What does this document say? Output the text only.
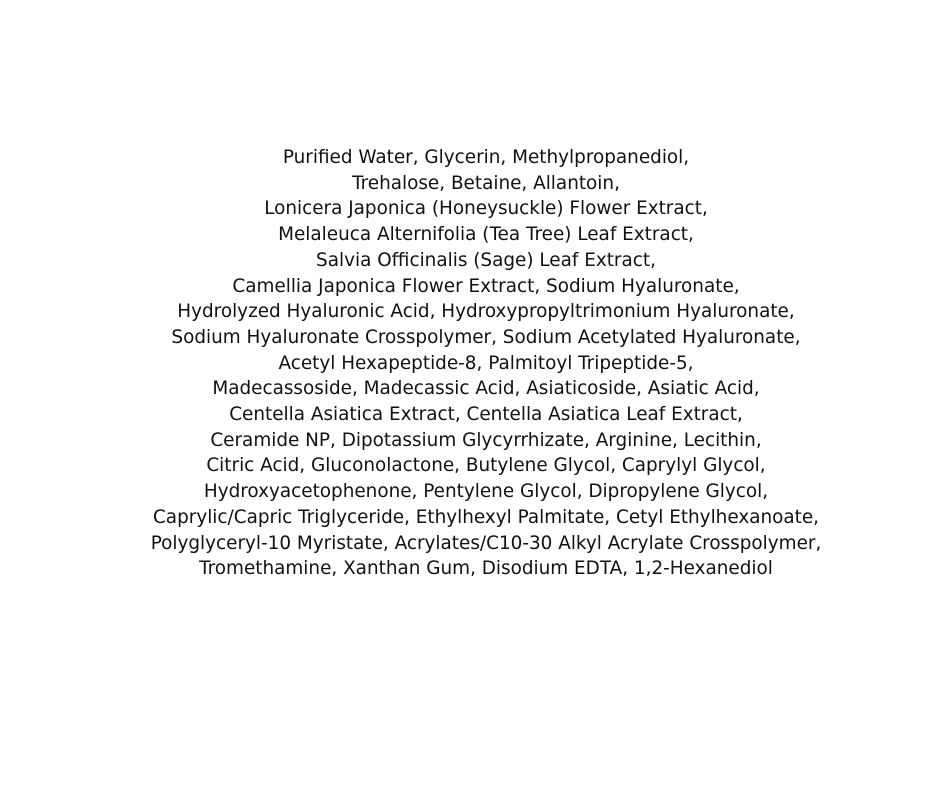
Purified Water, Glycerin, Methylpropanediol,
Trehalose, Betaine, Allantoin,
Lonicera Japonica (Honeysuckle) Flower Extract,
Melaleuca Alternifolia (Tea Tree) Leaf Extract,
Salvia Officinalis (Sage) Leaf Extract,
Camellia Japonica Flower Extract, Sodium Hyaluronate,
Hydrolyzed Hyaluronic Acid, Hydroxypropyltrimonium Hyaluronate,
Sodium Hyaluronate Crosspolymer, Sodium Acetylated Hyaluronate,
Acetyl Hexapeptide-8, Palmitoyl Tripeptide-5,
Madecassoside, Madecassic Acid, Asiaticoside, Asiatic Acid,
Centella Asiatica Extract, Centella Asiatica Leaf Extract,
Ceramide NP, Dipotassium Glycyrrhizate, Arginine, Lecithin,
Citric Acid, Gluconolactone, Butylene Glycol, Caprylyl Glycol,
Hydroxyacetophenone, Pentylene Glycol, Dipropylene Glycol,
Caprylic/Capric Triglyceride, Ethylhexyl Palmitate, Cetyl Ethylhexanoate,
Polyglyceryl-10 Myristate, Acrylates/C10-30 Alkyl Acrylate Crosspolymer,
Tromethamine, Xanthan Gum, Disodium EDTA, 1,2-Hexanediol
